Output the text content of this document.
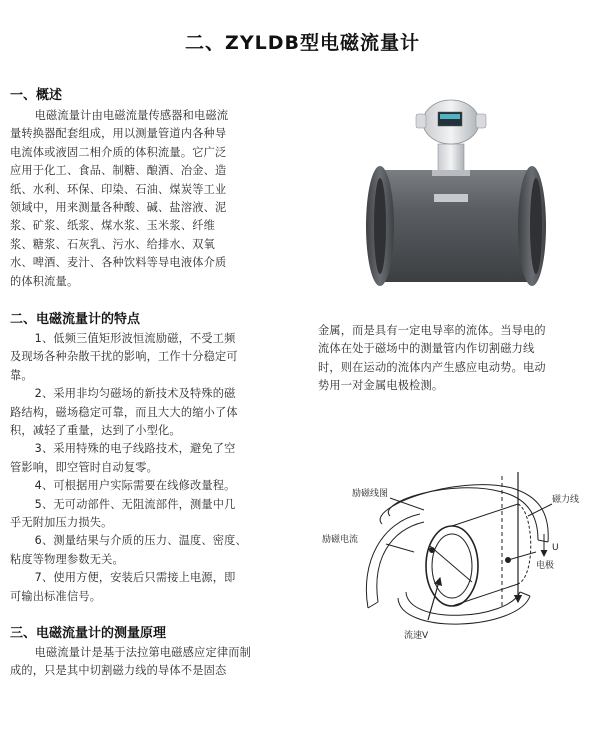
二、ZYLDB型电磁流量计
一、概述

电磁流量计由电磁流量传感器和电磁流

量转换器配套组成，用以测量管道内各种导

电流体或液固二相介质的体积流量。它广泛

应用于化工、食品、制糖、酿酒、冶金、造

纸、水利、环保、印染、石油、煤炭等工业

领域中，用来测量各种酸、碱、盐溶液、泥

浆、矿浆、纸浆、煤水浆、玉米浆、纤维

浆、糖浆、石灰乳、污水、给排水、双氧

水、啤酒、麦汁、各种饮料等导电液体介质

的体积流量。

二、电磁流量计的特点

1、低频三值矩形波恒流励磁，不受工频

及现场各种杂散干扰的影响，工作十分稳定可

靠。

2、采用非均匀磁场的新技术及特殊的磁

路结构，磁场稳定可靠，而且大大的缩小了体

积，减轻了重量，达到了小型化。

3、采用特殊的电子线路技术，避免了空

管影响，即空管时自动复零。

4、可根据用户实际需要在线修改量程。

5、无可动部件、无阻流部件，测量中几

乎无附加压力损失。

6、测量结果与介质的压力、温度、密度、

粘度等物理参数无关。

7、使用方便，安装后只需接上电源，即

可输出标准信号。

三、电磁流量计的测量原理

电磁流量计是基于法拉第电磁感应定律而制

成的，只是其中切割磁力线的导体不是固态

金属，而是具有一定电导率的流体。当导电的

流体在处于磁场中的测量管内作切割磁力线

时，则在运动的流体内产生感应电动势。电动

势用一对金属电极检测。

励磁线图
磁力线
励磁电流
U
电极
流速V
